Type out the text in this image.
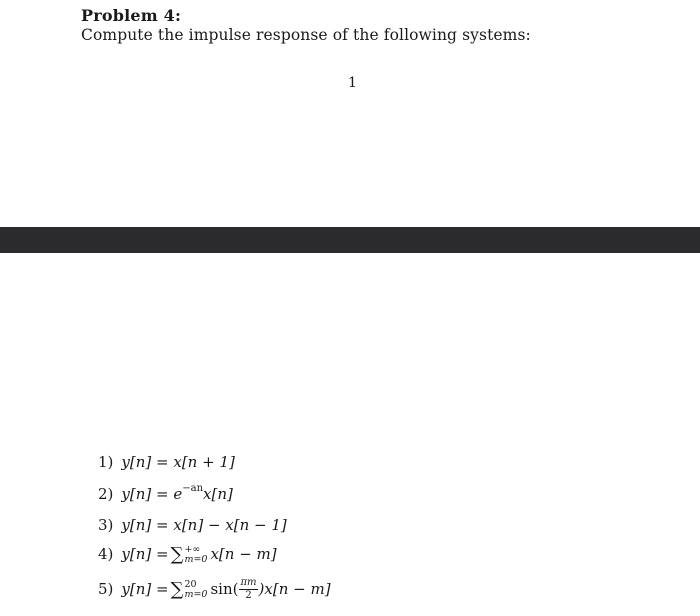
Problem 4:
Compute the impulse response of the following systems:
1
1) y[n] = x[n + 1]
2) $y[n] = e^{-an}x[n]$
3) y[n] = x[n] − x[n − 1]
4) y[n] = ∑ +∞
m=0 x[n − m]
5) y[n] = ∑ 20
m=0 $\sin( \frac{\pi m}{2} )x[n - m]$
